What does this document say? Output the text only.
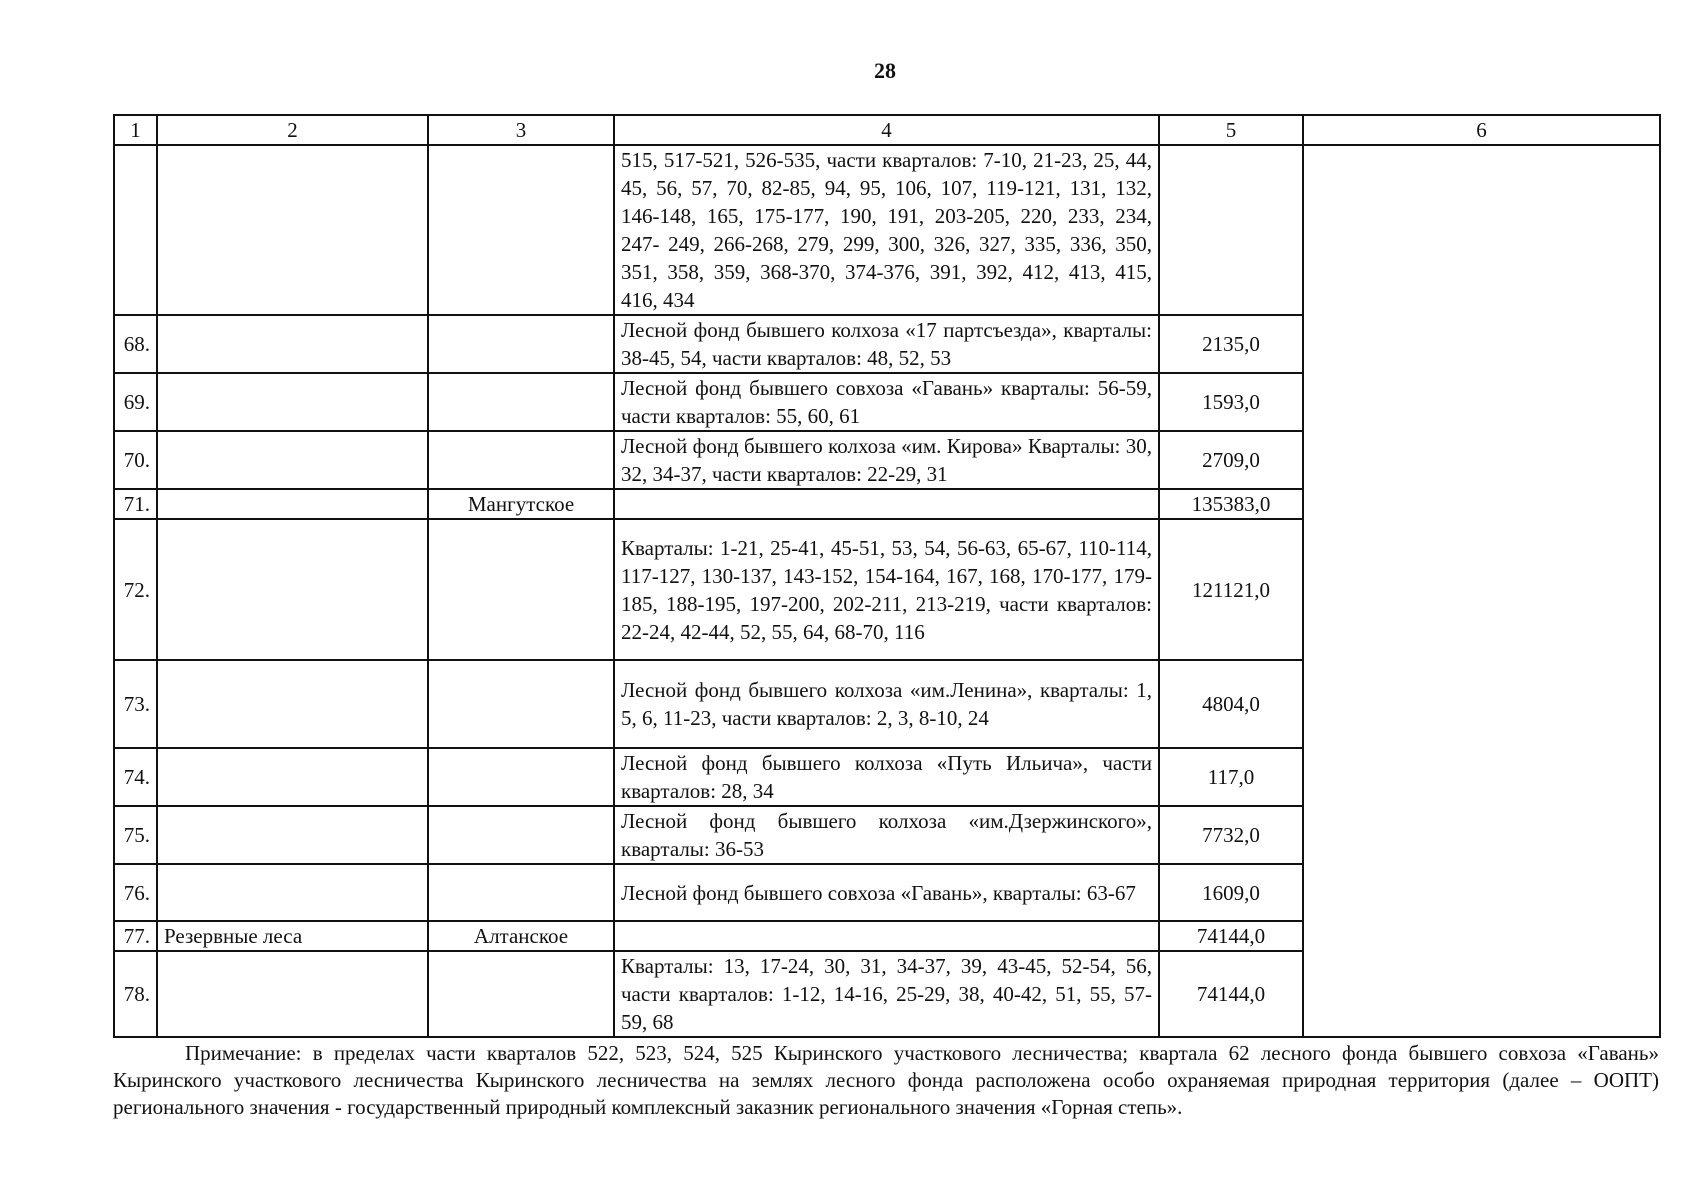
28
1	2	3	4	5	6
			515, 517-521, 526-535, части кварталов: 7-10, 21-23, 25, 44, 45, 56, 57, 70, 82-85, 94, 95, 106, 107, 119-121, 131, 132, 146-148, 165, 175-177, 190, 191, 203-205, 220, 233, 234, 247- 249, 266-268, 279, 299, 300, 326, 327, 335, 336, 350, 351, 358, 359, 368-370, 374-376, 391, 392, 412, 413, 415, 416, 434		
68.			Лесной фонд бывшего колхоза «17 партсъезда», кварталы: 38-45, 54, части кварталов: 48, 52, 53	2135,0	
69.			Лесной фонд бывшего совхоза «Гавань» кварталы: 56-59, части кварталов: 55, 60, 61	1593,0	
70.			Лесной фонд бывшего колхоза «им. Кирова» Кварталы: 30, 32, 34-37, части кварталов: 22-29, 31	2709,0	
71.		Мангутское		135383,0	
72.			Кварталы: 1-21, 25-41, 45-51, 53, 54, 56-63, 65-67, 110-114, 117-127, 130-137, 143-152, 154-164, 167, 168, 170-177, 179-185, 188-195, 197-200, 202-211, 213-219, части кварталов: 22-24, 42-44, 52, 55, 64, 68-70, 116	121121,0	
73.			Лесной фонд бывшего колхоза «им.Ленина», кварталы: 1, 5, 6, 11-23, части кварталов: 2, 3, 8-10, 24	4804,0	
74.			Лесной фонд бывшего колхоза «Путь Ильича», части кварталов: 28, 34	117,0	
75.			Лесной фонд бывшего колхоза «им.Дзержинского», кварталы: 36-53	7732,0	
76.			Лесной фонд бывшего совхоза «Гавань», кварталы: 63-67	1609,0	
77.	Резервные леса	Алтанское		74144,0	
78.			Кварталы: 13, 17-24, 30, 31, 34-37, 39, 43-45, 52-54, 56, части кварталов: 1-12, 14-16, 25-29, 38, 40-42, 51, 55, 57-59, 68	74144,0	
Примечание: в пределах части кварталов 522, 523, 524, 525 Кыринского участкового лесничества; квартала 62 лесного фонда бывшего совхоза «Гавань» Кыринского участкового лесничества Кыринского лесничества на землях лесного фонда расположена особо охраняемая природная территория (далее – ООПТ) регионального значения - государственный природный комплексный заказник регионального значения «Горная степь».
